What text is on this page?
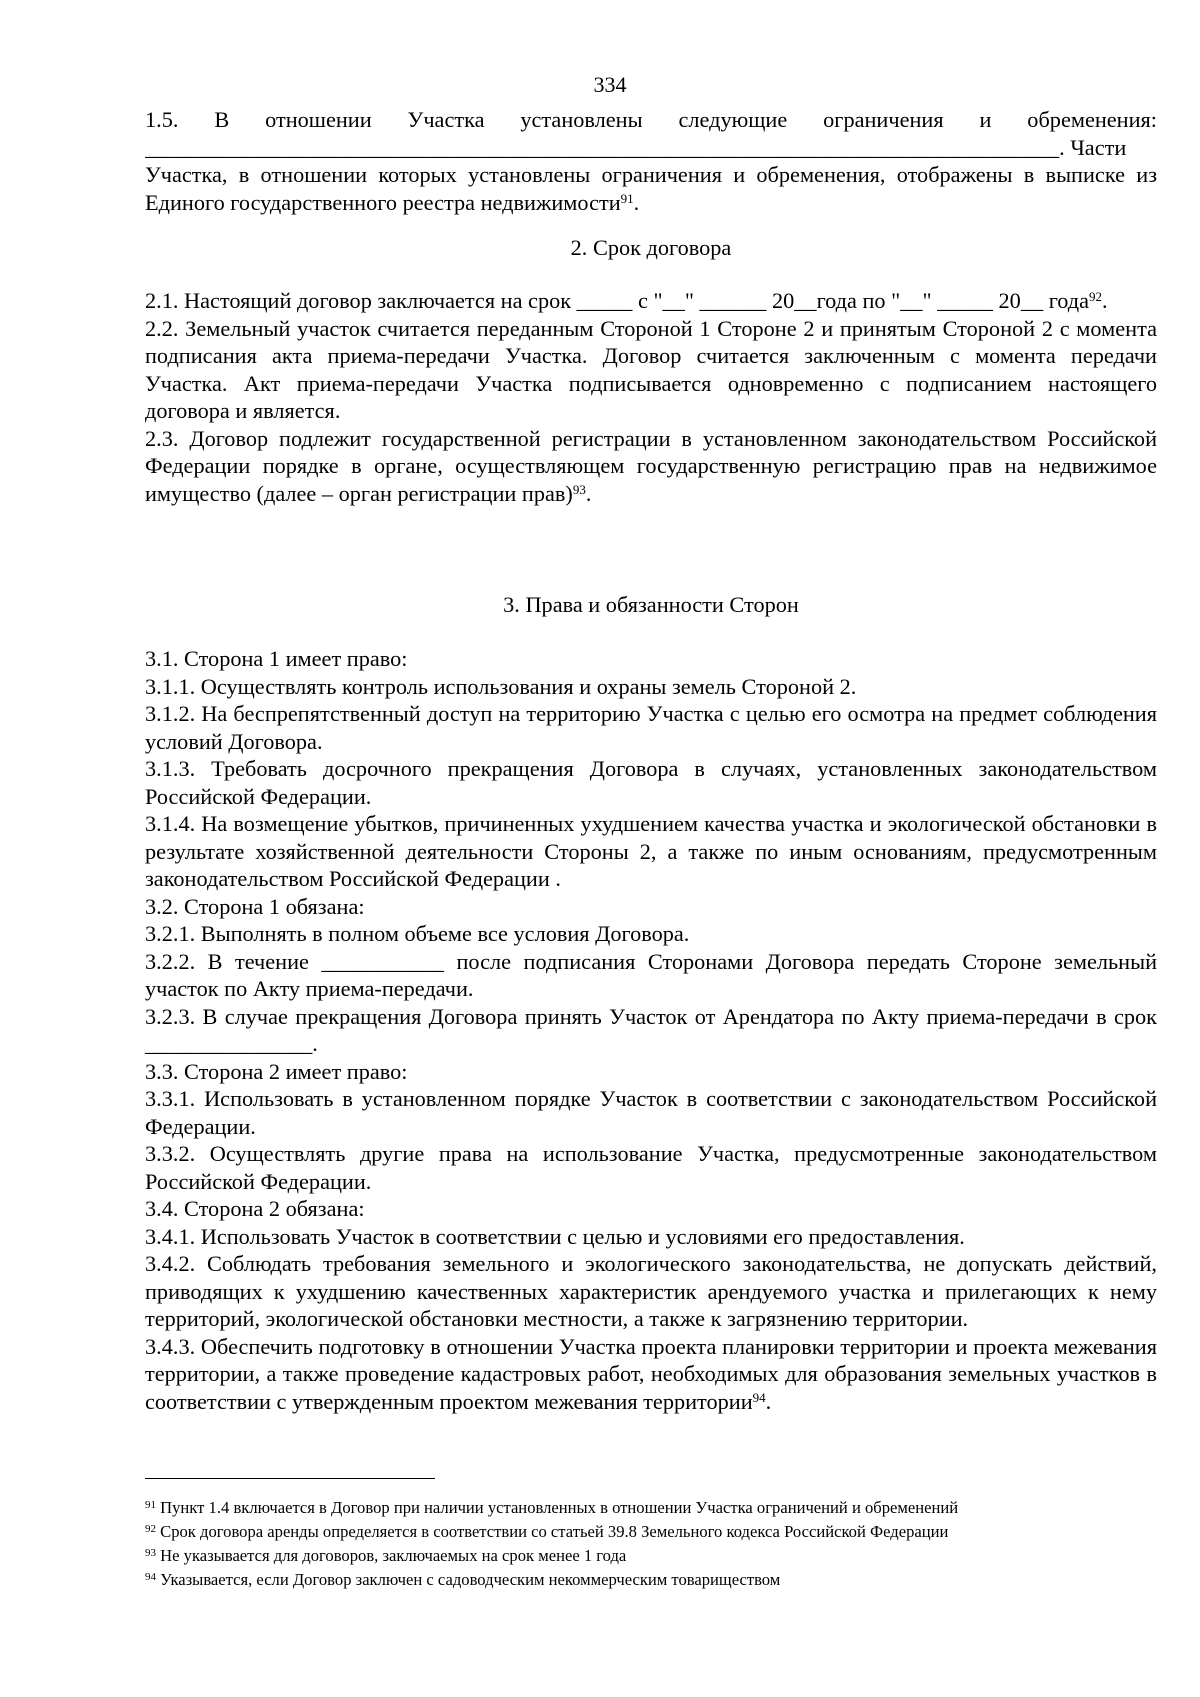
334

1.5. В отношении Участка установлены следующие ограничения и обременения:

__________________________________________________________________________________. Части

Участка, в отношении которых установлены ограничения и обременения, отображены в выписке из Единого государственного реестра недвижимости$^{91}$.

2. Срок договора

2.1. Настоящий договор заключается на срок _____ с "__" ______ 20__года по "__" _____ 20__ года$^{92}$.

2.2. Земельный участок считается переданным Стороной 1 Стороне 2 и принятым Стороной 2 с момента подписания акта приема-передачи Участка. Договор считается заключенным с момента передачи Участка. Акт приема-передачи Участка подписывается одновременно с подписанием настоящего договора и является.

2.3. Договор подлежит государственной регистрации в установленном законодательством Российской Федерации порядке в органе, осуществляющем государственную регистрацию прав на недвижимое имущество (далее – орган регистрации прав)$^{93}$.

3. Права и обязанности Сторон

3.1. Сторона 1 имеет право:

3.1.1. Осуществлять контроль использования и охраны земель Стороной 2.

3.1.2. На беспрепятственный доступ на территорию Участка с целью его осмотра на предмет соблюдения условий Договора.

3.1.3. Требовать досрочного прекращения Договора в случаях, установленных законодательством Российской Федерации.

3.1.4. На возмещение убытков, причиненных ухудшением качества участка и экологической обстановки в результате хозяйственной деятельности Стороны 2, а также по иным основаниям, предусмотренным законодательством Российской Федерации .

3.2. Сторона 1 обязана:

3.2.1. Выполнять в полном объеме все условия Договора.

3.2.2. В течение ___________ после подписания Сторонами Договора передать Стороне земельный участок по Акту приема-передачи.

3.2.3. В случае прекращения Договора принять Участок от Арендатора по Акту приема-передачи в срок _______________.

3.3. Сторона 2 имеет право:

3.3.1. Использовать в установленном порядке Участок в соответствии с законодательством Российской Федерации.

3.3.2. Осуществлять другие права на использование Участка, предусмотренные законодательством Российской Федерации.

3.4. Сторона 2 обязана:

3.4.1. Использовать Участок в соответствии с целью и условиями его предоставления.

3.4.2. Соблюдать требования земельного и экологического законодательства, не допускать действий, приводящих к ухудшению качественных характеристик арендуемого участка и прилегающих к нему территорий, экологической обстановки местности, а также к загрязнению территории.

3.4.3. Обеспечить подготовку в отношении Участка проекта планировки территории и проекта межевания территории, а также проведение кадастровых работ, необходимых для образования земельных участков в соответствии с утвержденным проектом межевания территории$^{94}$.

$^{91}$ Пункт 1.4 включается в Договор при наличии установленных в отношении Участка ограничений и обременений
$^{92}$ Срок договора аренды определяется в соответствии со статьей 39.8 Земельного кодекса Российской Федерации
$^{93}$ Не указывается для договоров, заключаемых на срок менее 1 года
$^{94}$ Указывается, если Договор заключен с садоводческим некоммерческим товариществом
